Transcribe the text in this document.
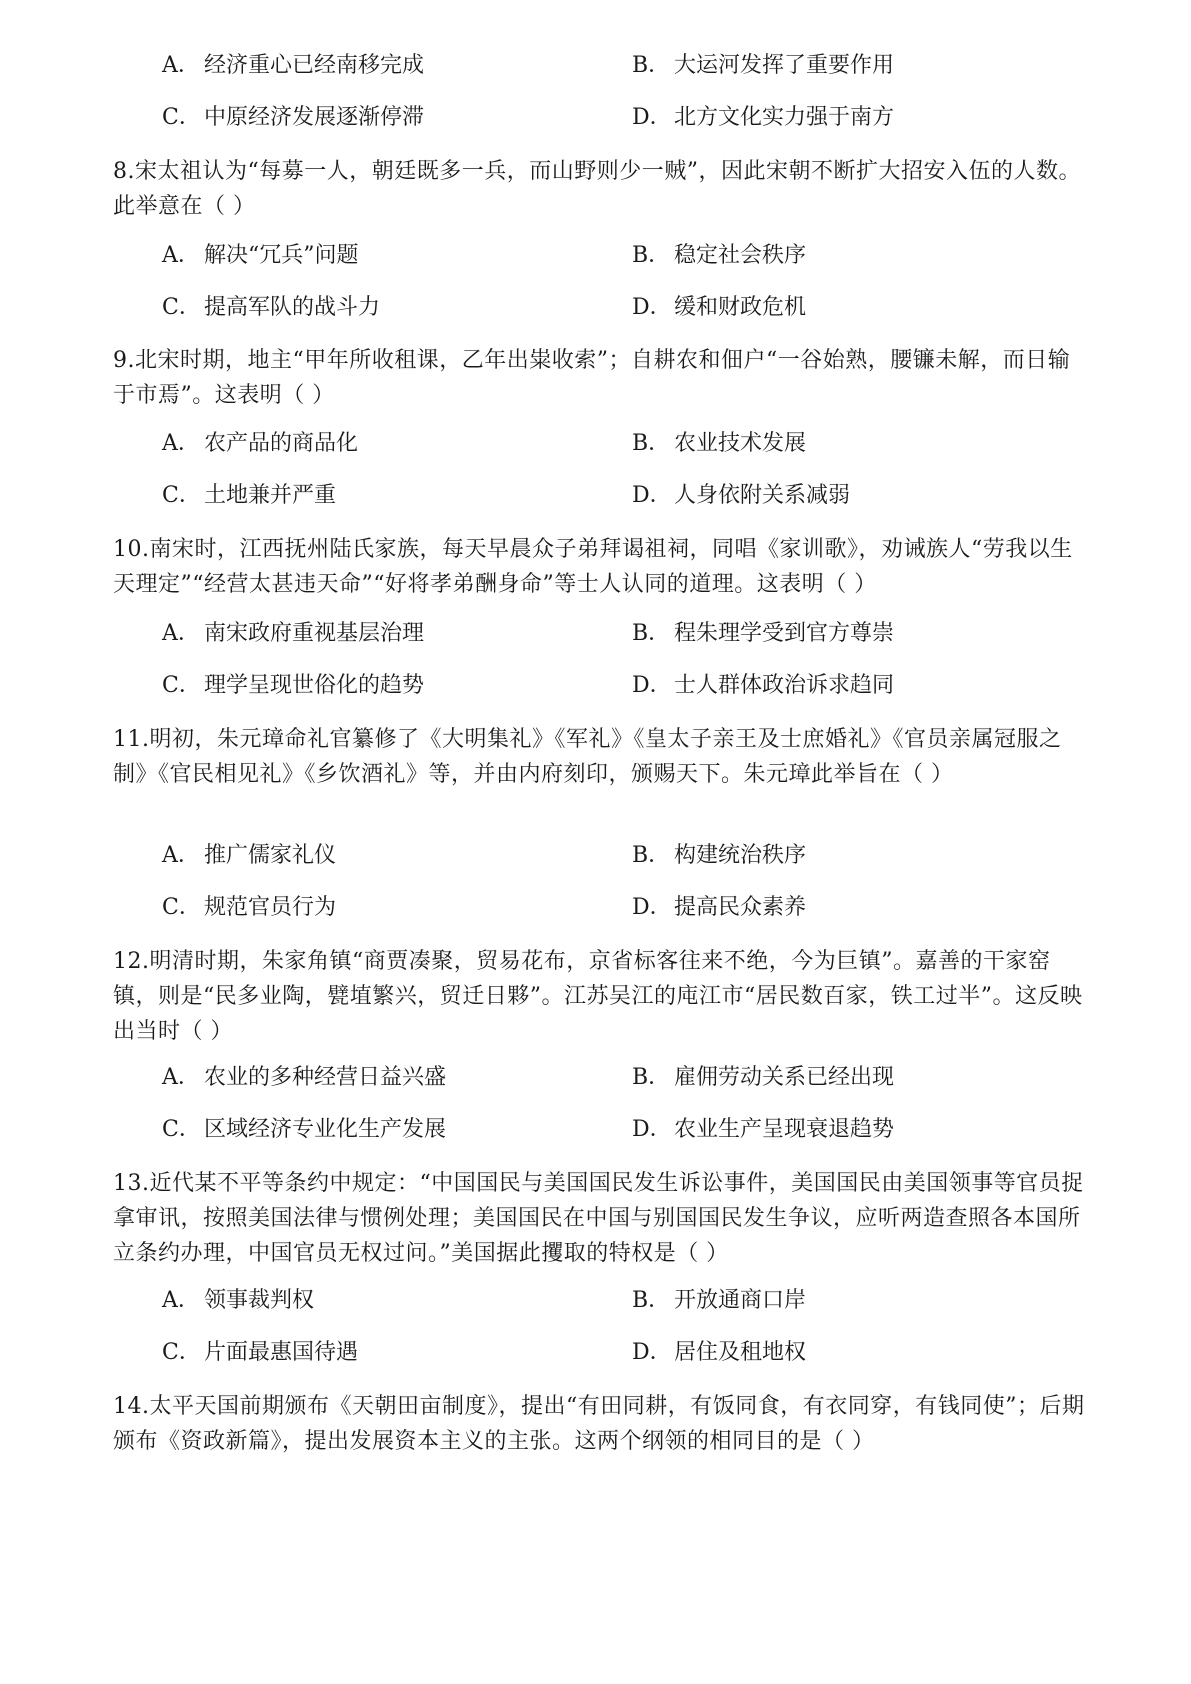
A． 经济重心已经南移完成	B． 大运河发挥了重要作用
C． 中原经济发展逐渐停滞	D． 北方文化实力强于南方
8.宋太祖认为“每募一人，朝廷既多一兵，而山野则少一贼”，因此宋朝不断扩大招安入伍的人数。此举意在（ ）
A． 解决“冗兵”问题	B． 稳定社会秩序
C． 提高军队的战斗力	D． 缓和财政危机
9.北宋时期，地主“甲年所收租课，乙年出粜收索”；自耕农和佃户“一谷始熟，腰镰未解，而日输于市焉”。这表明（ ）
A． 农产品的商品化	B． 农业技术发展
C． 土地兼并严重	D． 人身依附关系减弱
10.南宋时，江西抚州陆氏家族，每天早晨众子弟拜谒祖祠，同唱《家训歌》，劝诫族人“劳我以生天理定”“经营太甚违天命”“好将孝弟酬身命”等士人认同的道理。这表明（ ）
A． 南宋政府重视基层治理	B． 程朱理学受到官方尊崇
C． 理学呈现世俗化的趋势	D． 士人群体政治诉求趋同
11.明初，朱元璋命礼官纂修了《大明集礼》《军礼》《皇太子亲王及士庶婚礼》《官员亲属冠服之制》《官民相见礼》《乡饮酒礼》等，并由内府刻印，颁赐天下。朱元璋此举旨在（ ）
A． 推广儒家礼仪	B． 构建统治秩序
C． 规范官员行为	D． 提高民众素养
12.明清时期，朱家角镇“商贾凑聚，贸易花布，京省标客往来不绝，今为巨镇”。嘉善的干家窑镇，则是“民多业陶，甓埴繁兴，贸迁日夥”。江苏吴江的庉江市“居民数百家，铁工过半”。这反映出当时（ ）
A． 农业的多种经营日益兴盛	B． 雇佣劳动关系已经出现
C． 区域经济专业化生产发展	D． 农业生产呈现衰退趋势
13.近代某不平等条约中规定：“中国国民与美国国民发生诉讼事件，美国国民由美国领事等官员捉拿审讯，按照美国法律与惯例处理；美国国民在中国与别国国民发生争议，应听两造查照各本国所立条约办理，中国官员无权过问。”美国据此攫取的特权是（ ）
A． 领事裁判权	B． 开放通商口岸
C． 片面最惠国待遇	D． 居住及租地权
14.太平天国前期颁布《天朝田亩制度》，提出“有田同耕，有饭同食，有衣同穿，有钱同使”；后期颁布《资政新篇》，提出发展资本主义的主张。这两个纲领的相同目的是（ ）
